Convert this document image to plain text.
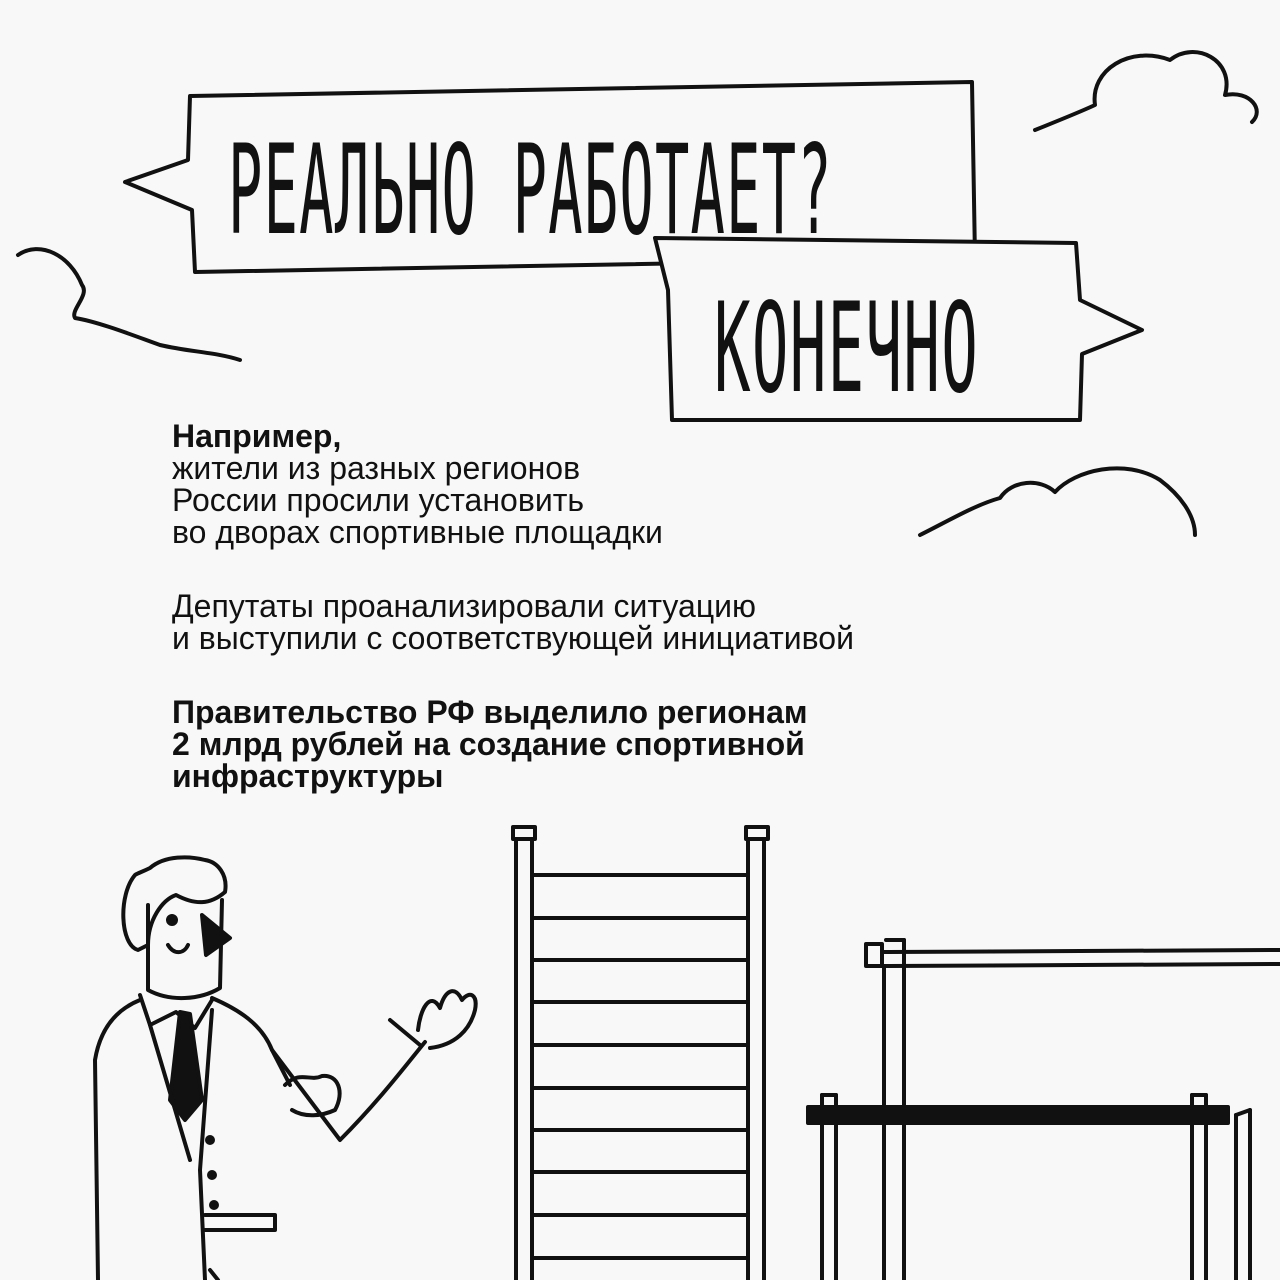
РЕАЛЬНО РАБОТАЕТ?
КОНЕЧНО

Например,
жители из разных регионов
России просили установить
во дворах спортивные площадки

Депутаты проанализировали ситуацию
и выступили с соответствующей инициативой

Правительство РФ выделило регионам
2 млрд рублей на создание спортивной
инфраструктуры
